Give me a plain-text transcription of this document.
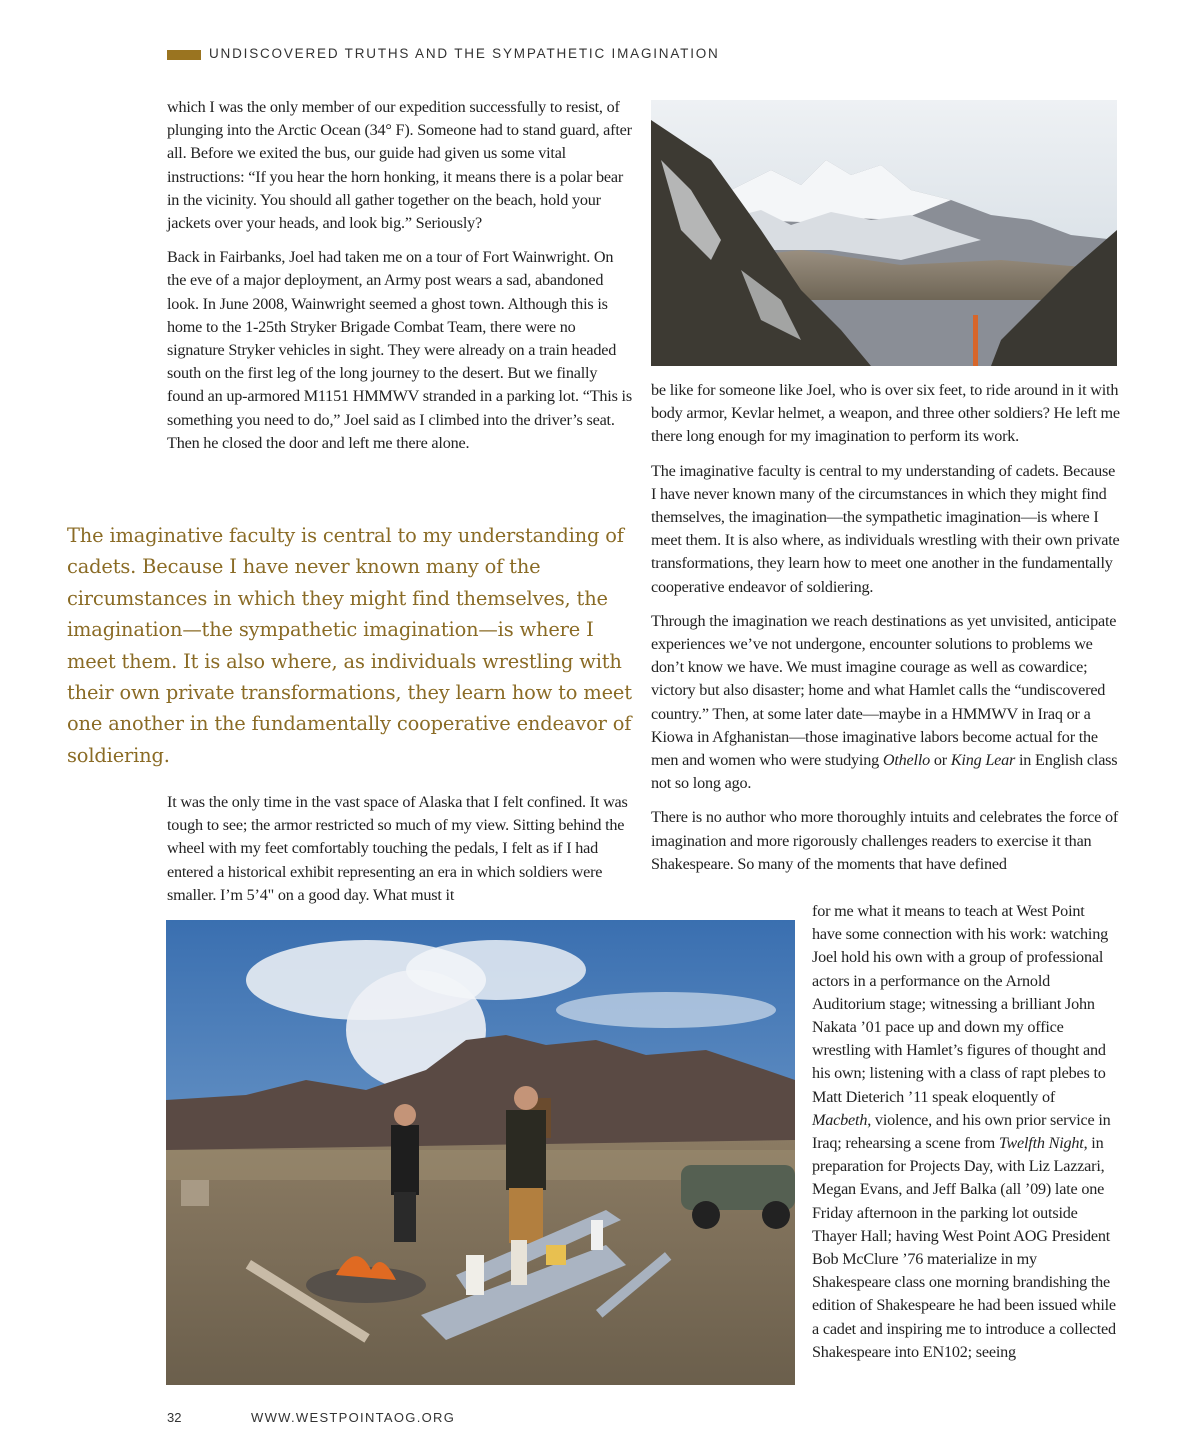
UNDISCOVERED TRUTHS AND THE SYMPATHETIC IMAGINATION

which I was the only member of our expedition successfully to resist, of plunging into the Arctic Ocean (34° F). Someone had to stand guard, after all. Before we exited the bus, our guide had given us some vital instructions: “If you hear the horn honking, it means there is a polar bear in the vicinity. You should all gather together on the beach, hold your jackets over your heads, and look big.” Seriously?

Back in Fairbanks, Joel had taken me on a tour of Fort Wainwright. On the eve of a major deployment, an Army post wears a sad, abandoned look. In June 2008, Wainwright seemed a ghost town. Although this is home to the 1-25th Stryker Brigade Combat Team, there were no signature Stryker vehicles in sight. They were already on a train headed south on the first leg of the long journey to the desert. But we finally found an up-armored M1151 HMMWV stranded in a parking lot. “This is something you need to do,” Joel said as I climbed into the driver’s seat. Then he closed the door and left me there alone.

The imaginative faculty is central to my understanding of cadets. Because I have never known many of the circumstances in which they might find themselves, the imagination—the sympathetic imagination—is where I meet them. It is also where, as individuals wrestling with their own private transformations, they learn how to meet one another in the fundamentally cooperative endeavor of soldiering.

It was the only time in the vast space of Alaska that I felt confined. It was tough to see; the armor restricted so much of my view. Sitting behind the wheel with my feet comfortably touching the pedals, I felt as if I had entered a historical exhibit representing an era in which soldiers were smaller. I’m 5’4" on a good day. What must it

be like for someone like Joel, who is over six feet, to ride around in it with body armor, Kevlar helmet, a weapon, and three other soldiers? He left me there long enough for my imagination to perform its work.

The imaginative faculty is central to my understanding of cadets. Because I have never known many of the circumstances in which they might find themselves, the imagination—the sympathetic imagination—is where I meet them. It is also where, as individuals wrestling with their own private transformations, they learn how to meet one another in the fundamentally cooperative endeavor of soldiering.

Through the imagination we reach destinations as yet unvisited, anticipate experiences we’ve not undergone, encounter solutions to problems we don’t know we have. We must imagine courage as well as cowardice; victory but also disaster; home and what Hamlet calls the “undiscovered country.” Then, at some later date—maybe in a HMMWV in Iraq or a Kiowa in Afghanistan—those imaginative labors become actual for the men and women who were studying Othello or King Lear in English class not so long ago.

There is no author who more thoroughly intuits and celebrates the force of imagination and more rigorously challenges readers to exercise it than Shakespeare. So many of the moments that have defined

for me what it means to teach at West Point have some connection with his work: watching Joel hold his own with a group of professional actors in a performance on the Arnold Auditorium stage; witnessing a brilliant John Nakata ’01 pace up and down my office wrestling with Hamlet’s figures of thought and his own; listening with a class of rapt plebes to Matt Dieterich ’11 speak eloquently of Macbeth, violence, and his own prior service in Iraq; rehearsing a scene from Twelfth Night, in preparation for Projects Day, with Liz Lazzari, Megan Evans, and Jeff Balka (all ’09) late one Friday afternoon in the parking lot outside Thayer Hall; having West Point AOG President Bob McClure ’76 materialize in my Shakespeare class one morning brandishing the edition of Shakespeare he had been issued while a cadet and inspiring me to introduce a collected Shakespeare into EN102; seeing

32	WWW.WESTPOINTAOG.ORG
